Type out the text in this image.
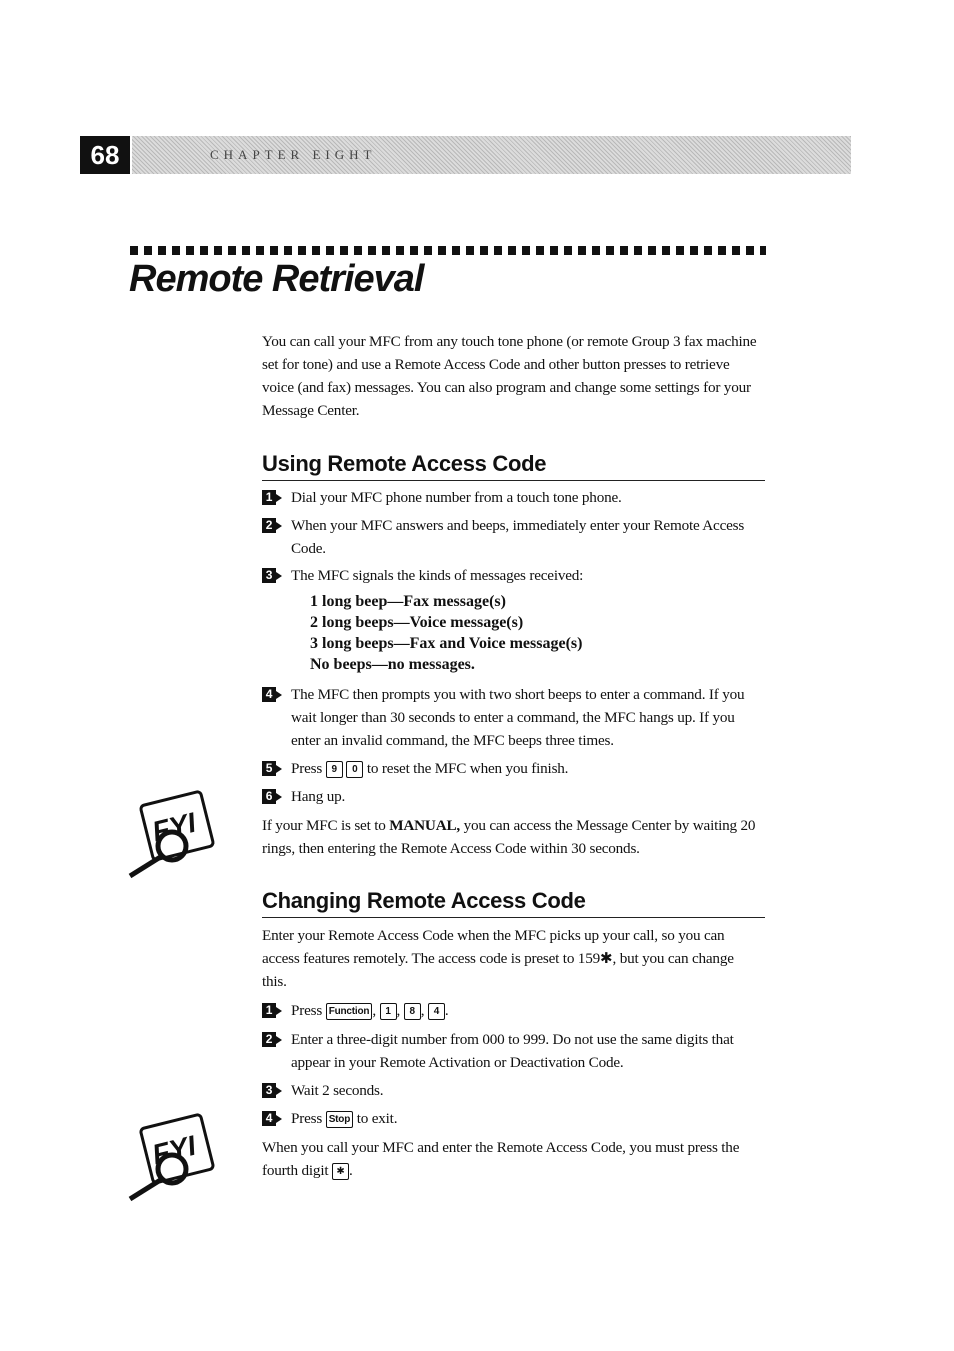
68	CHAPTER EIGHT
Remote Retrieval
You can call your MFC from any touch tone phone (or remote Group 3 fax machine set for tone) and use a Remote Access Code and other button presses to retrieve voice (and fax) messages. You can also program and change some settings for your Message Center.
Using Remote Access Code
1 Dial your MFC phone number from a touch tone phone.
2 When your MFC answers and beeps, immediately enter your Remote Access Code.
3 The MFC signals the kinds of messages received:
1 long beep—Fax message(s)
2 long beeps—Voice message(s)
3 long beeps—Fax and Voice message(s)
No beeps—no messages.
4 The MFC then prompts you with two short beeps to enter a command. If you wait longer than 30 seconds to enter a command, the MFC hangs up. If you enter an invalid command, the MFC beeps three times.
5 Press 9 0 to reset the MFC when you finish.
6 Hang up.
FYI	If your MFC is set to MANUAL, you can access the Message Center by waiting 20 rings, then entering the Remote Access Code within 30 seconds.
Changing Remote Access Code
Enter your Remote Access Code when the MFC picks up your call, so you can access features remotely. The access code is preset to 159✱, but you can change this.
1 Press Function , 1 , 8 , 4 .
2 Enter a three-digit number from 000 to 999. Do not use the same digits that appear in your Remote Activation or Deactivation Code.
3 Wait 2 seconds.
4 Press Stop to exit.
FYI	When you call your MFC and enter the Remote Access Code, you must press the fourth digit ✱ .
